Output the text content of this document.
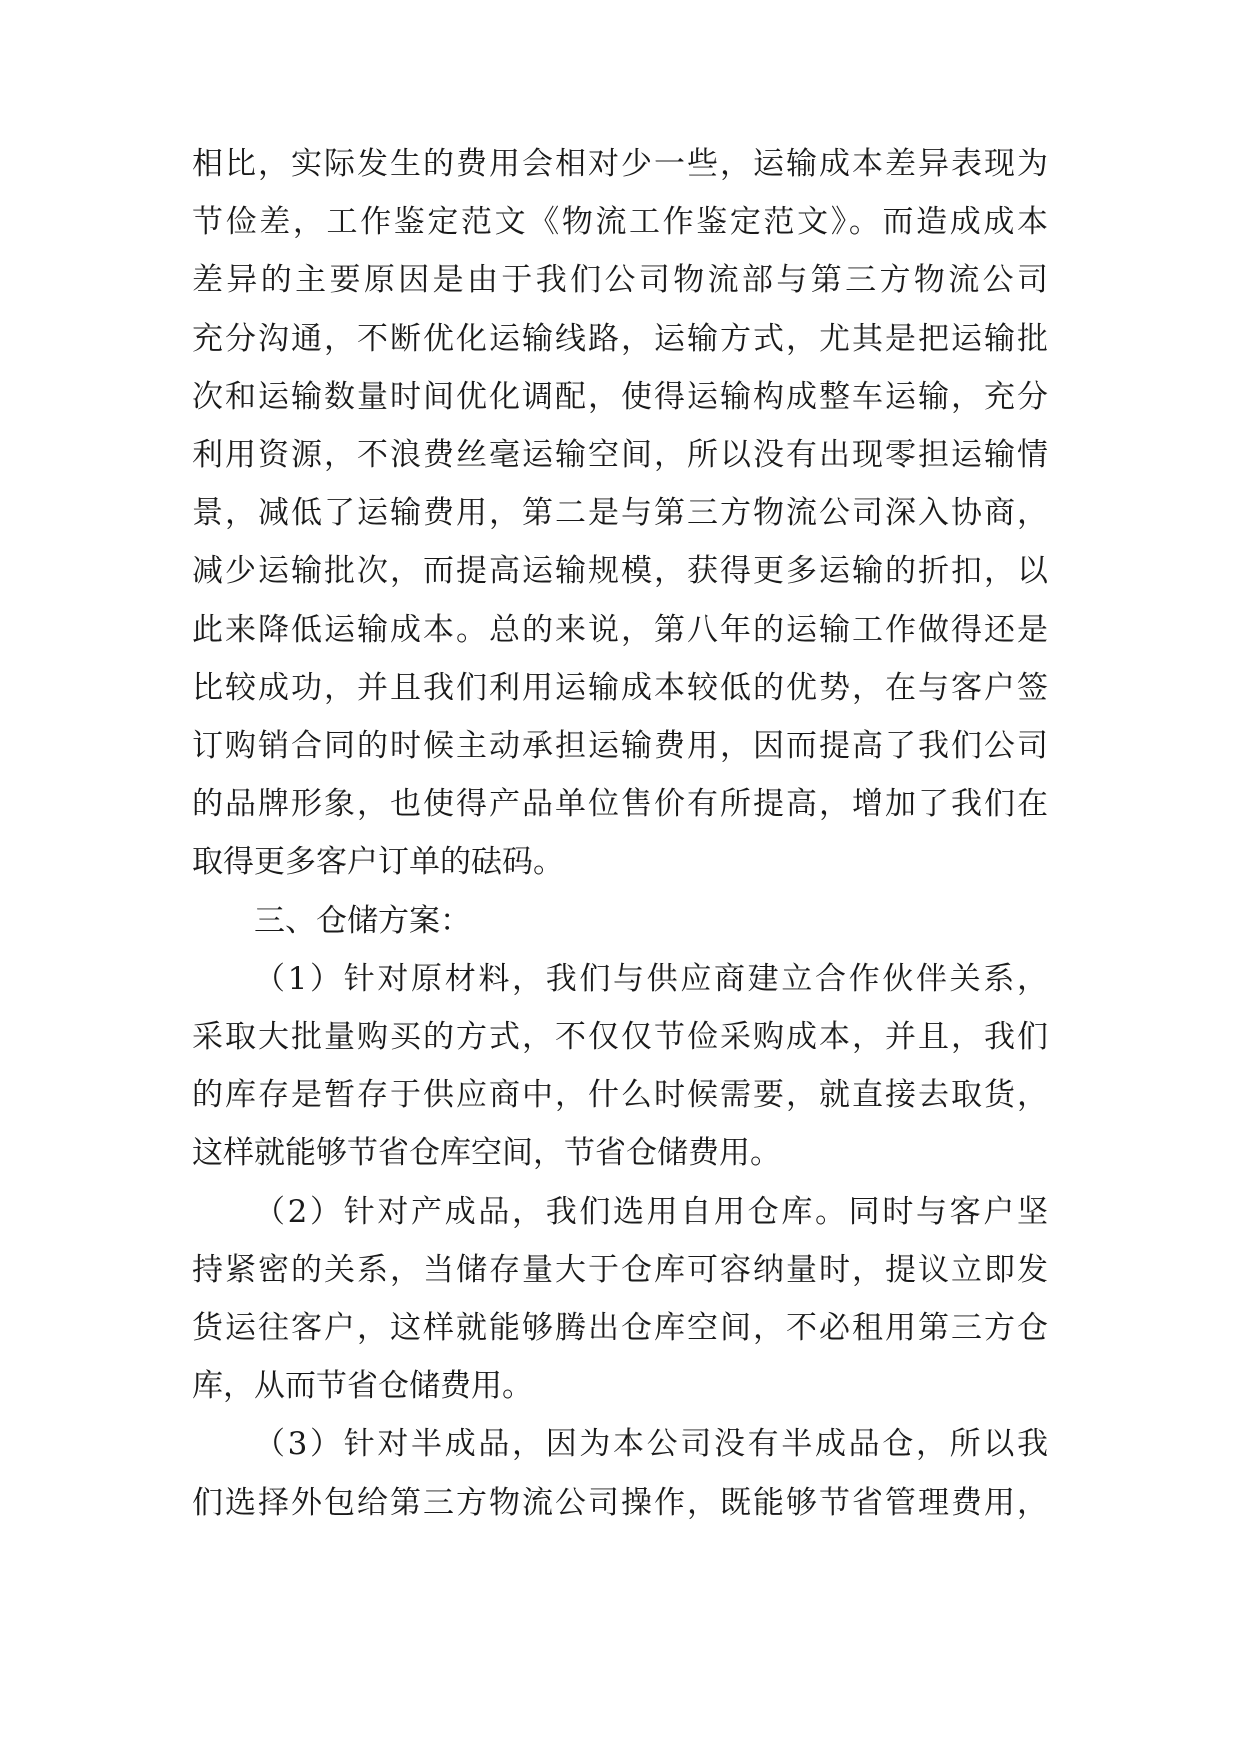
相比，实际发生的费用会相对少一些，运输成本差异表现为
节俭差，工作鉴定范文《物流工作鉴定范文》。而造成成本
差异的主要原因是由于我们公司物流部与第三方物流公司
充分沟通，不断优化运输线路，运输方式，尤其是把运输批
次和运输数量时间优化调配，使得运输构成整车运输，充分
利用资源，不浪费丝毫运输空间，所以没有出现零担运输情
景，减低了运输费用，第二是与第三方物流公司深入协商，
减少运输批次，而提高运输规模，获得更多运输的折扣，以
此来降低运输成本。总的来说，第八年的运输工作做得还是
比较成功，并且我们利用运输成本较低的优势，在与客户签
订购销合同的时候主动承担运输费用，因而提高了我们公司
的品牌形象，也使得产品单位售价有所提高，增加了我们在
取得更多客户订单的砝码。
三、仓储方案：
（1）针对原材料，我们与供应商建立合作伙伴关系，
采取大批量购买的方式，不仅仅节俭采购成本，并且，我们
的库存是暂存于供应商中，什么时候需要，就直接去取货，
这样就能够节省仓库空间，节省仓储费用。
（2）针对产成品，我们选用自用仓库。同时与客户坚
持紧密的关系，当储存量大于仓库可容纳量时，提议立即发
货运往客户，这样就能够腾出仓库空间，不必租用第三方仓
库，从而节省仓储费用。
（3）针对半成品，因为本公司没有半成品仓，所以我
们选择外包给第三方物流公司操作，既能够节省管理费用，
